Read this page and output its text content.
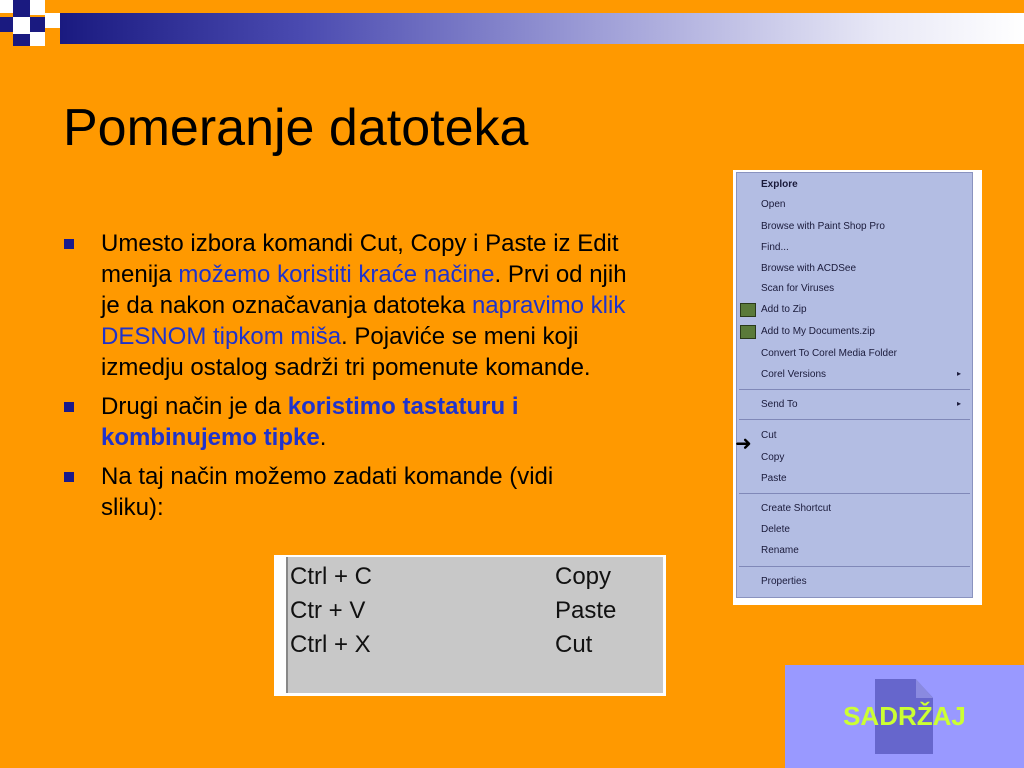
Pomeranje datoteka
Umesto izbora komandi Cut, Copy i Paste iz Edit menija možemo koristiti kraće načine. Prvi od njih je da nakon označavanja datoteka napravimo klik DESNOM tipkom miša. Pojaviće se meni koji izmedju ostalog sadrži tri pomenute komande.
Drugi način je da koristimo tastaturu i kombinujemo tipke.
Na taj način možemo zadati komande (vidi sliku):
Ctrl + C	Copy
Ctr + V	Paste
Ctrl + X	Cut
Explore
Open
Browse with Paint Shop Pro
Find...
Browse with ACDSee
Scan for Viruses
Add to Zip
Add to My Documents.zip
Convert To Corel Media Folder
Corel Versions	▸
Send To	▸
Cut
Copy
Paste
Create Shortcut
Delete
Rename
Properties
➜
SADRŽAJ
